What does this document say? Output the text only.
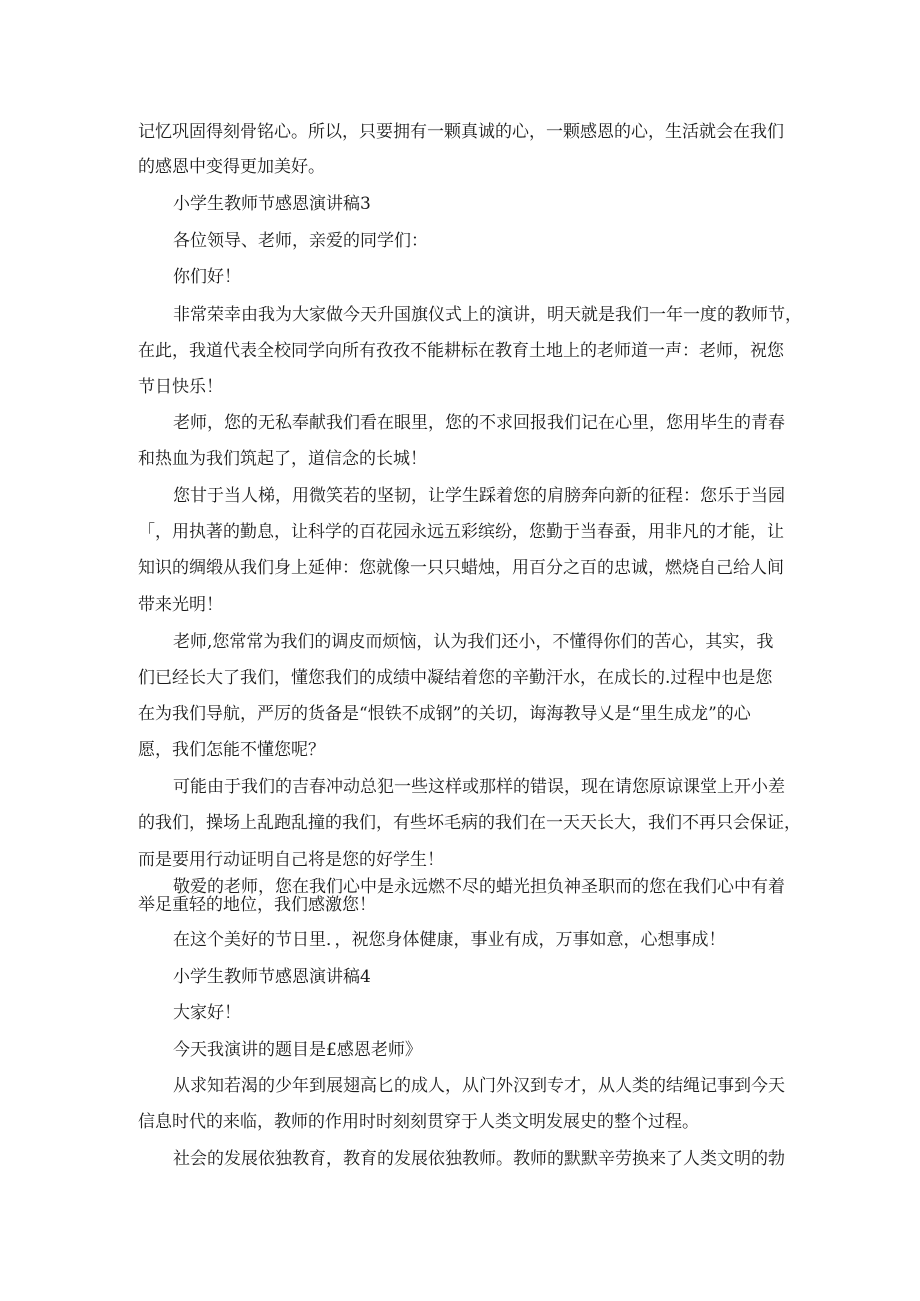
记忆巩固得刻骨铭心。所以，只要拥有一颗真诚的心，一颗感恩的心，生活就会在我们
的感恩中变得更加美好。
小学生教师节感恩演讲稿3
各位领导、老师，亲爱的同学们：
你们好！
非常荣幸由我为大家做今天升国旗仪式上的演讲，明天就是我们一年一度的教师节，
在此，我道代表全校同学向所有孜孜不能耕标在教育土地上的老师道一声：老师，祝您
节日快乐！
老师，您的无私奉献我们看在眼里，您的不求回报我们记在心里，您用毕生的青春
和热血为我们筑起了，道信念的长城！
您甘于当人梯，用微笑若的坚韧，让学生踩着您的肩膀奔向新的征程：您乐于当园
「，用执著的勤息，让科学的百花园永远五彩缤纷，您勤于当春蚕，用非凡的才能，让
知识的绸缎从我们身上延伸：您就像一只只蜡烛，用百分之百的忠诚，燃烧自己给人间
带来光明！
老师,您常常为我们的调皮而烦恼，认为我们还小，不懂得你们的苦心，其实，我
们已经长大了我们，懂您我们的成绩中凝结着您的辛勤汗水，在成长的.过程中也是您
在为我们导航，严厉的货备是“恨铁不成钢”的关切，诲海教导乂是“里生成龙”的心
愿，我们怎能不懂您呢？
可能由于我们的吉春冲动总犯一些这样或那样的错误，现在请您原谅课堂上开小差
的我们，操场上乱跑乱撞的我们，有些坏毛病的我们在一天天长大，我们不再只会保证，
而是要用行动证明自己将是您的好学生！
敬爱的老师，您在我们心中是永远燃不尽的蜡光担负神圣职而的您在我们心中有着
举足重轻的地位，我们感激您！
在这个美好的节日里．，祝您身体健康，事业有成，万事如意，心想事成！
小学生教师节感恩演讲稿4
大家好！
今天我演讲的题目是£感恩老师》
从求知若渴的少年到展翅高匕的成人，从门外汉到专才，从人类的结绳记事到今天
信息时代的来临，教师的作用时时刻刻贯穿于人类文明发展史的整个过程。
社会的发展依独教育，教育的发展依独教师。教师的默默辛劳换来了人类文明的勃
